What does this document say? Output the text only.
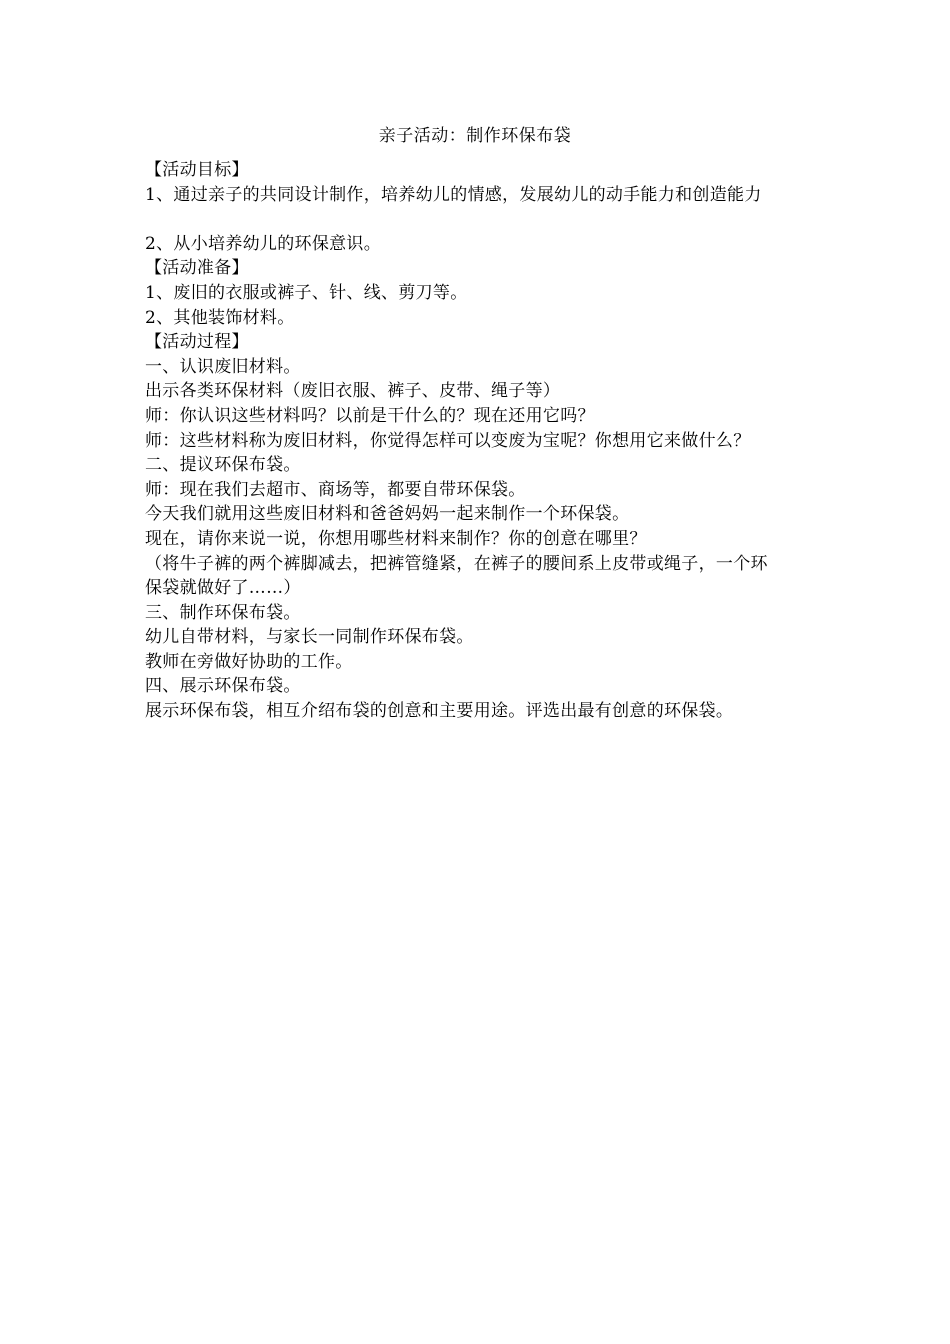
亲子活动：制作环保布袋
【活动目标】
1、通过亲子的共同设计制作，培养幼儿的情感，发展幼儿的动手能力和创造能力
2、从小培养幼儿的环保意识。
【活动准备】
1、废旧的衣服或裤子、针、线、剪刀等。
2、其他装饰材料。
【活动过程】
一、认识废旧材料。
出示各类环保材料（废旧衣服、裤子、皮带、绳子等）
师：你认识这些材料吗？以前是干什么的？现在还用它吗？
师：这些材料称为废旧材料，你觉得怎样可以变废为宝呢？你想用它来做什么？
二、提议环保布袋。
师：现在我们去超市、商场等，都要自带环保袋。
今天我们就用这些废旧材料和爸爸妈妈一起来制作一个环保袋。
现在，请你来说一说，你想用哪些材料来制作？你的创意在哪里？
（将牛子裤的两个裤脚减去，把裤管缝紧，在裤子的腰间系上皮带或绳子，一个环
保袋就做好了……）
三、制作环保布袋。
幼儿自带材料，与家长一同制作环保布袋。
教师在旁做好协助的工作。
四、展示环保布袋。
展示环保布袋，相互介绍布袋的创意和主要用途。评选出最有创意的环保袋。
